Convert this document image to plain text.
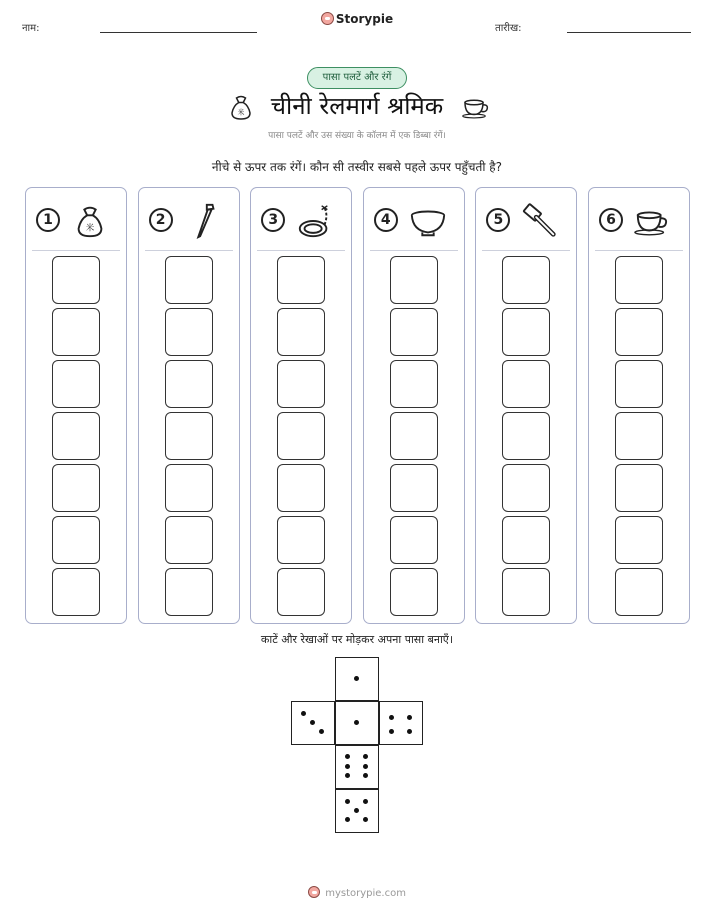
नाम:
Storypie
तारीख:
पासा पलटें और रंगें
米	चीनी रेलमार्ग श्रमिक
पासा पलटें और उस संख्या के कॉलम में एक डिब्बा रंगें।
नीचे से ऊपर तक रंगें। कौन सी तस्वीर सबसे पहले ऊपर पहुँचती है?
1
米
2	3	4	5	6
काटें और रेखाओं पर मोड़कर अपना पासा बनाएँ।
mystorypie.com
